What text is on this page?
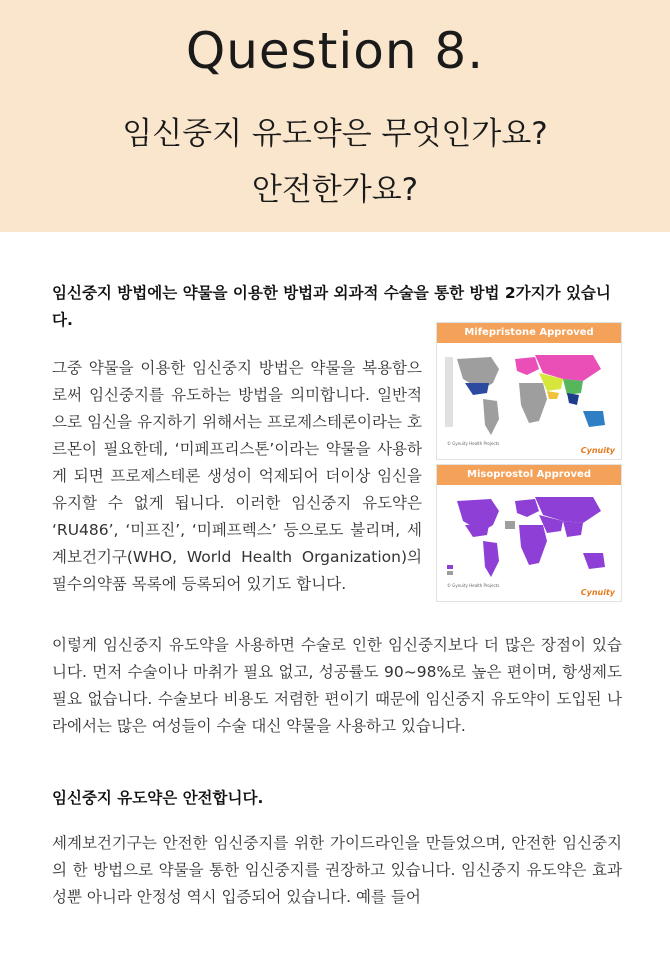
Question 8.
임신중지 유도약은 무엇인가요?
안전한가요?

임신중지 방법에는 약물을 이용한 방법과 외과적 수술을 통한 방법 2가지가 있습니다.

그중 약물을 이용한 임신중지 방법은 약물을 복용함으로써 임신중지를 유도하는 방법을 의미합니다. 일반적으로 임신을 유지하기 위해서는 프로제스테론이라는 호르몬이 필요한데, ‘미페프리스톤’이라는 약물을 사용하게 되면 프로제스테론 생성이 억제되어 더이상 임신을 유지할 수 없게 됩니다. 이러한 임신중지 유도약은 ‘RU486’, ‘미프진’, ‘미페프렉스’ 등으로도 불리며, 세계보건기구(WHO, World Health Organization)의 필수의약품 목록에 등록되어 있기도 합니다.

Mifepristone Approved
© Gynuity Health Projects
Cynuity
Misoprostol Approved
© Gynuity Health Projects
Cynuity

이렇게 임신중지 유도약을 사용하면 수술로 인한 임신중지보다 더 많은 장점이 있습니다. 먼저 수술이나 마취가 필요 없고, 성공률도 90~98%로 높은 편이며, 항생제도 필요 없습니다. 수술보다 비용도 저렴한 편이기 때문에 임신중지 유도약이 도입된 나라에서는 많은 여성들이 수술 대신 약물을 사용하고 있습니다.

임신중지 유도약은 안전합니다.

세계보건기구는 안전한 임신중지를 위한 가이드라인을 만들었으며, 안전한 임신중지의 한 방법으로 약물을 통한 임신중지를 권장하고 있습니다. 임신중지 유도약은 효과성뿐 아니라 안정성 역시 입증되어 있습니다. 예를 들어
